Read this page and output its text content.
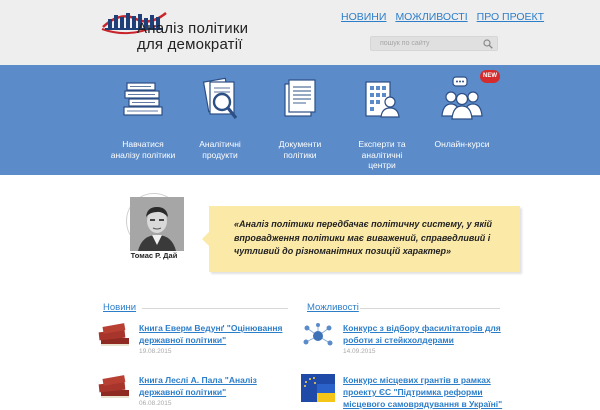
Аналіз політики
для демократії
НОВИНИ МОЖЛИВОСТІ ПРО ПРОЕКТ
пошук по сайту
Навчатися
аналізу політики
Аналітичні
продукти
Документи
політики
Експерти та
аналітичні
центри
Онлайн-курси
NEW
Томас Р. Дай

«Аналіз політики передбачає політичну систему, у якій впровадження політики має виважений, справедливий і чутливий до різноманітних позицій характер»

Новини
Книга Еверм Ведунґ "Оцінювання державної політики"
19.08.2015
Книга Леслі А. Пала "Аналіз державної політики"
06.08.2015
Можливості
Конкурс з відбору фасилітаторів для роботи зі стейкхолдерами
14.09.2015
Конкурс місцевих грантів в рамках проекту ЄС "Підтримка реформи місцевого самоврядування в Україні"
